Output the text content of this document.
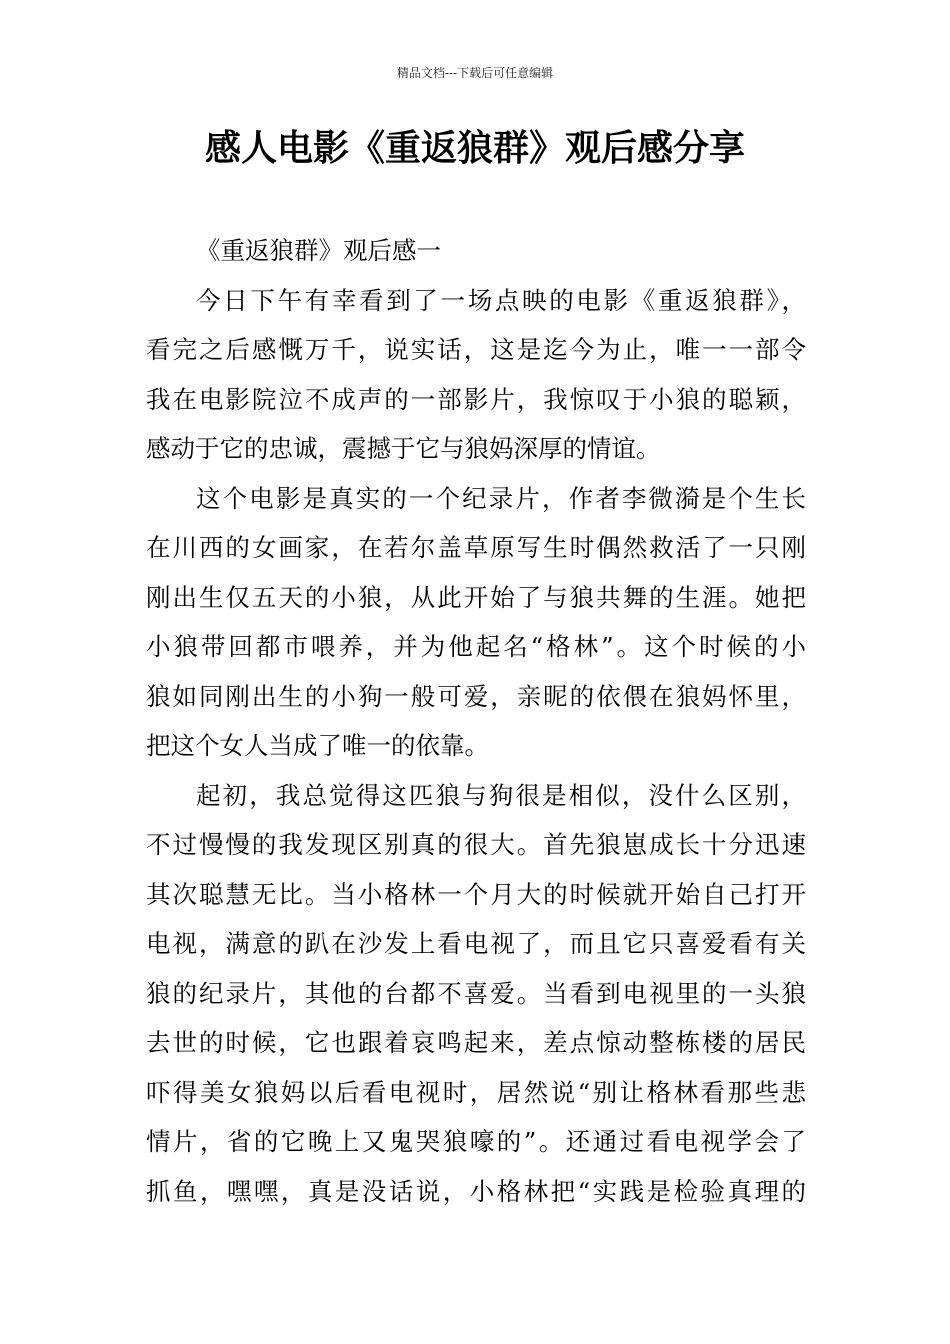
精品文档---下载后可任意编辑
感人电影《重返狼群》观后感分享
《重返狼群》观后感一
今日下午有幸看到了一场点映的电影《重返狼群》，
看完之后感慨万千，说实话，这是迄今为止，唯一一部令
我在电影院泣不成声的一部影片，我惊叹于小狼的聪颖，
感动于它的忠诚，震撼于它与狼妈深厚的情谊。
这个电影是真实的一个纪录片，作者李微漪是个生长
在川西的女画家，在若尔盖草原写生时偶然救活了一只刚
刚出生仅五天的小狼，从此开始了与狼共舞的生涯。她把
小狼带回都市喂养，并为他起名“格林”。这个时候的小
狼如同刚出生的小狗一般可爱，亲昵的依偎在狼妈怀里，
把这个女人当成了唯一的依靠。
起初，我总觉得这匹狼与狗很是相似，没什么区别，
不过慢慢的我发现区别真的很大。首先狼崽成长十分迅速
其次聪慧无比。当小格林一个月大的时候就开始自己打开
电视，满意的趴在沙发上看电视了，而且它只喜爱看有关
狼的纪录片，其他的台都不喜爱。当看到电视里的一头狼
去世的时候，它也跟着哀鸣起来，差点惊动整栋楼的居民
吓得美女狼妈以后看电视时，居然说“别让格林看那些悲
情片，省的它晚上又鬼哭狼嚎的”。还通过看电视学会了
抓鱼，嘿嘿，真是没话说，小格林把“实践是检验真理的
